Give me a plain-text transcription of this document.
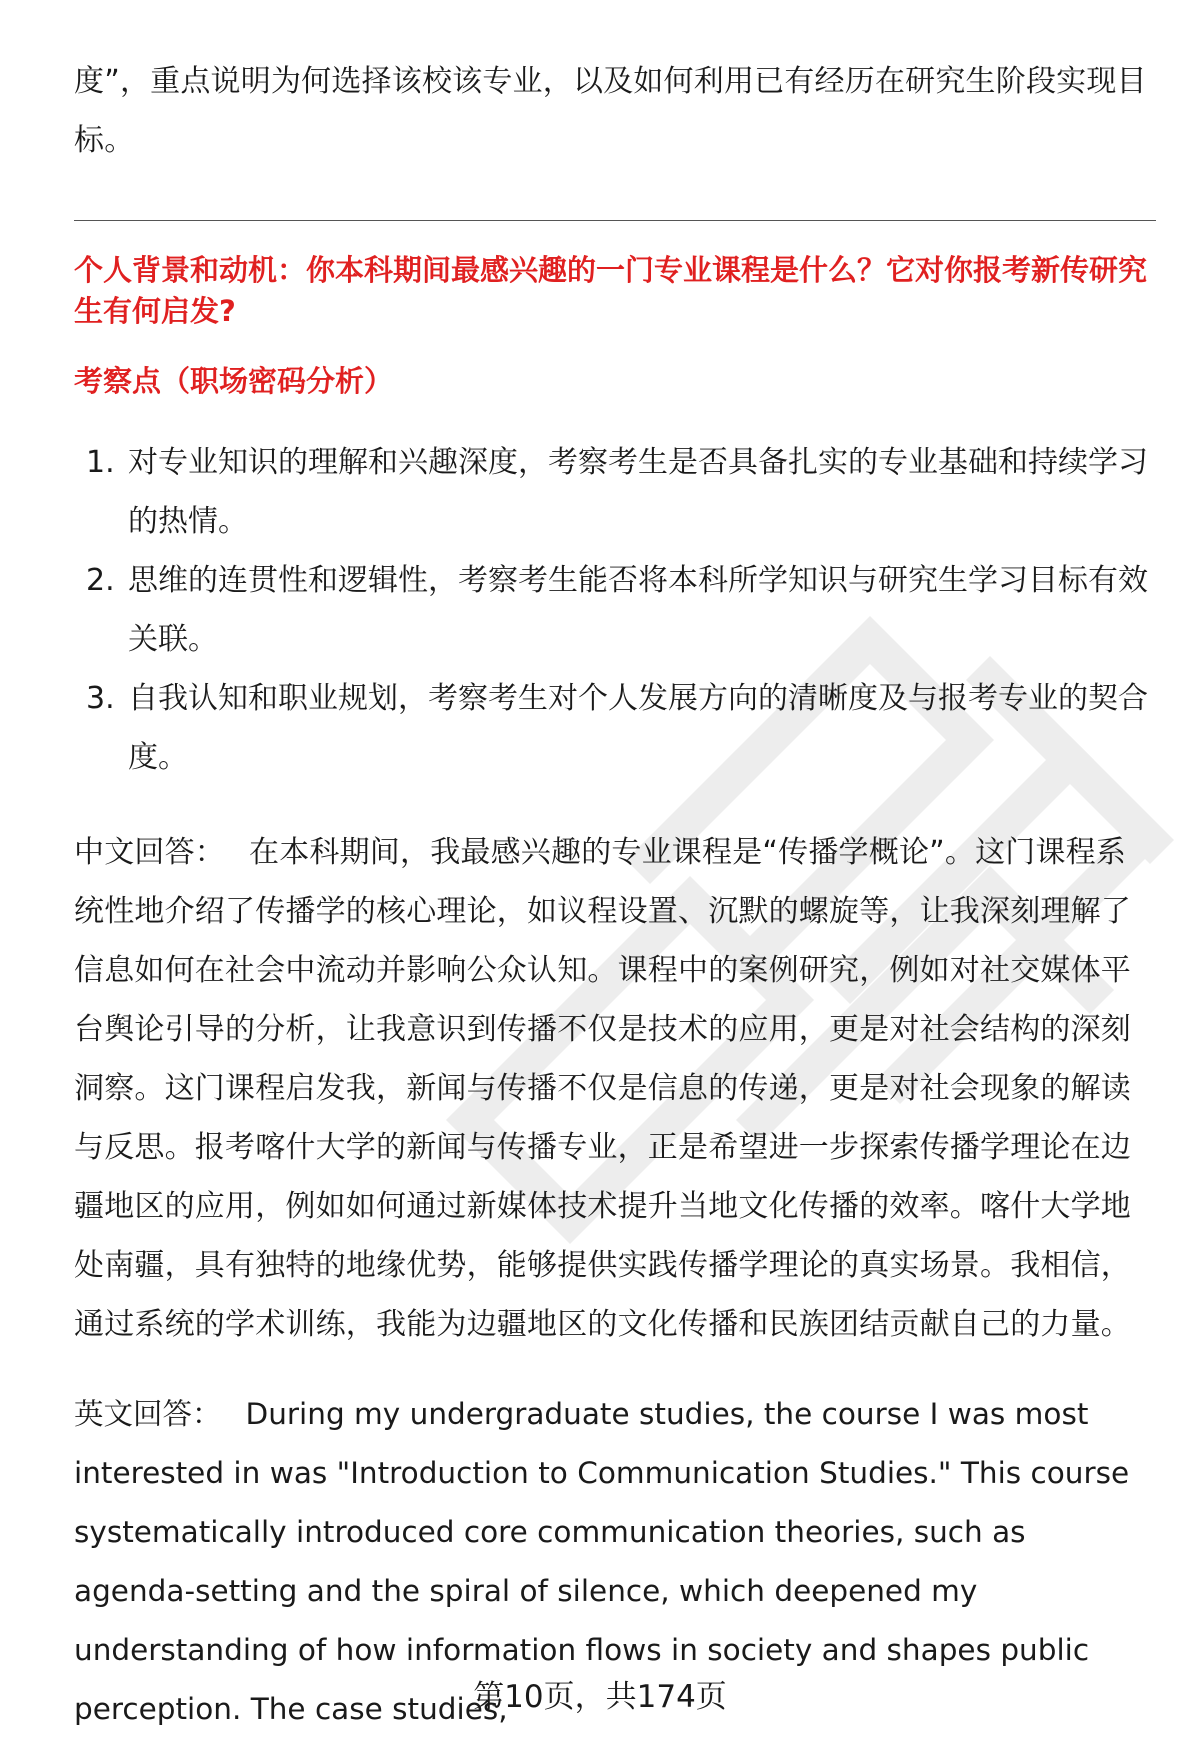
度”，重点说明为何选择该校该专业，以及如何利用已有经历在研究生阶段实现目标。

个人背景和动机：你本科期间最感兴趣的一门专业课程是什么？它对你报考新传研究生有何启发?
考察点（职场密码分析）
1. 对专业知识的理解和兴趣深度，考察考生是否具备扎实的专业基础和持续学习的热情。
2. 思维的连贯性和逻辑性，考察考生能否将本科所学知识与研究生学习目标有效关联。
3. 自我认知和职业规划，考察考生对个人发展方向的清晰度及与报考专业的契合度。

中文回答： 在本科期间，我最感兴趣的专业课程是“传播学概论”。这门课程系统性地介绍了传播学的核心理论，如议程设置、沉默的螺旋等，让我深刻理解了信息如何在社会中流动并影响公众认知。课程中的案例研究，例如对社交媒体平台舆论引导的分析，让我意识到传播不仅是技术的应用，更是对社会结构的深刻洞察。这门课程启发我，新闻与传播不仅是信息的传递，更是对社会现象的解读与反思。报考喀什大学的新闻与传播专业，正是希望进一步探索传播学理论在边疆地区的应用，例如如何通过新媒体技术提升当地文化传播的效率。喀什大学地处南疆，具有独特的地缘优势，能够提供实践传播学理论的真实场景。我相信，通过系统的学术训练，我能为边疆地区的文化传播和民族团结贡献自己的力量。

英文回答： During my undergraduate studies, the course I was most interested in was "Introduction to Communication Studies." This course systematically introduced core communication theories, such as agenda-setting and the spiral of silence, which deepened my understanding of how information flows in society and shapes public perception. The case studies,

第10页，共174页
